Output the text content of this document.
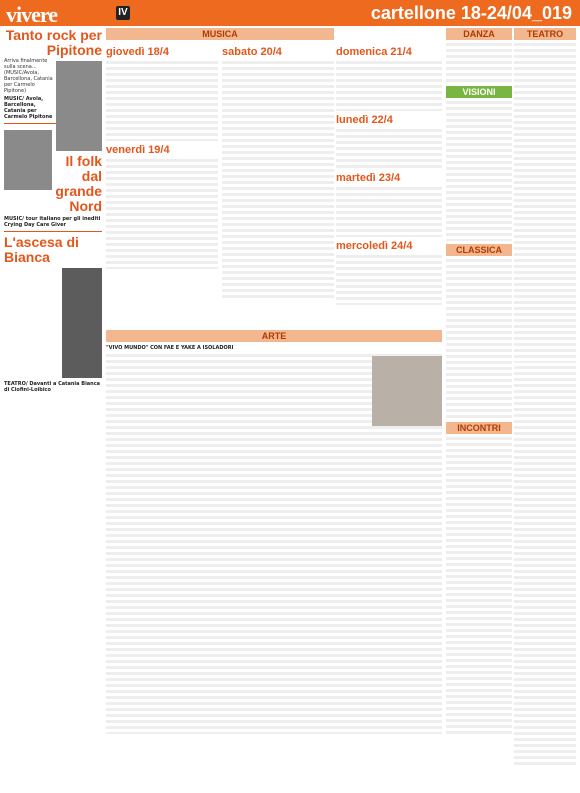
vivere	IV	cartellone 18-24/04_019
Tanto rock per Pipitone

Arriva finalmente sulla scena... (MUSIC/Avola, Barcellona, Catania per Carmelo Pipitone)

MUSIC/ Avola, Barcellona, Catania per Carmelo Pipitone

Il folk dal grande Nord

MUSIC/ tour italiano per gli inediti Crying Day Care Giver

L'ascesa di Bianca

TEATRO/ Davanti a Catania Bianca di Ciofini-Loibico

MUSICA
giovedì 18/4
venerdì 19/4
sabato 20/4	domenica 21/4
lunedì 22/4
martedì 23/4
mercoledì 24/4
ARTE

"VIVO MUNDO" CON FAE E YAKE A ISOLADORI

DANZA
VISIONI
CLASSICA
INCONTRI
TEATRO
